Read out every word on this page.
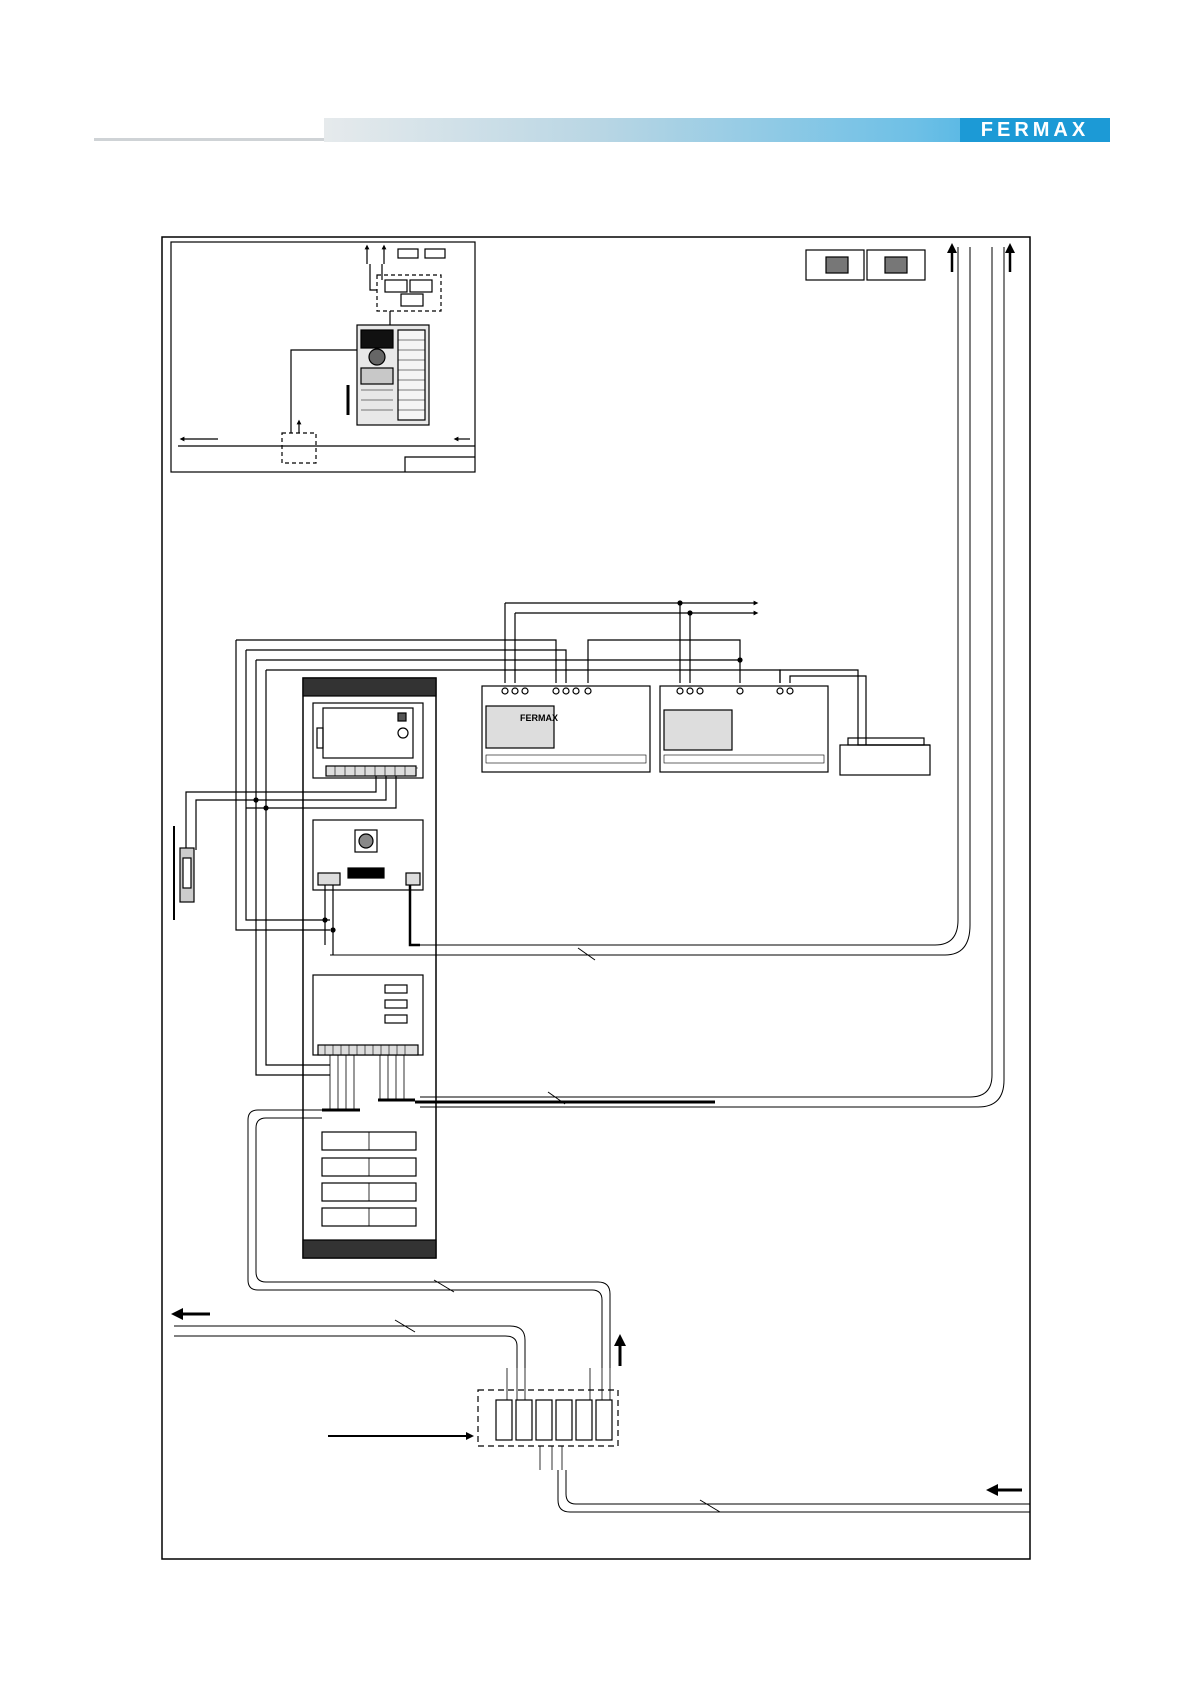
FERMAX
FERMAX
